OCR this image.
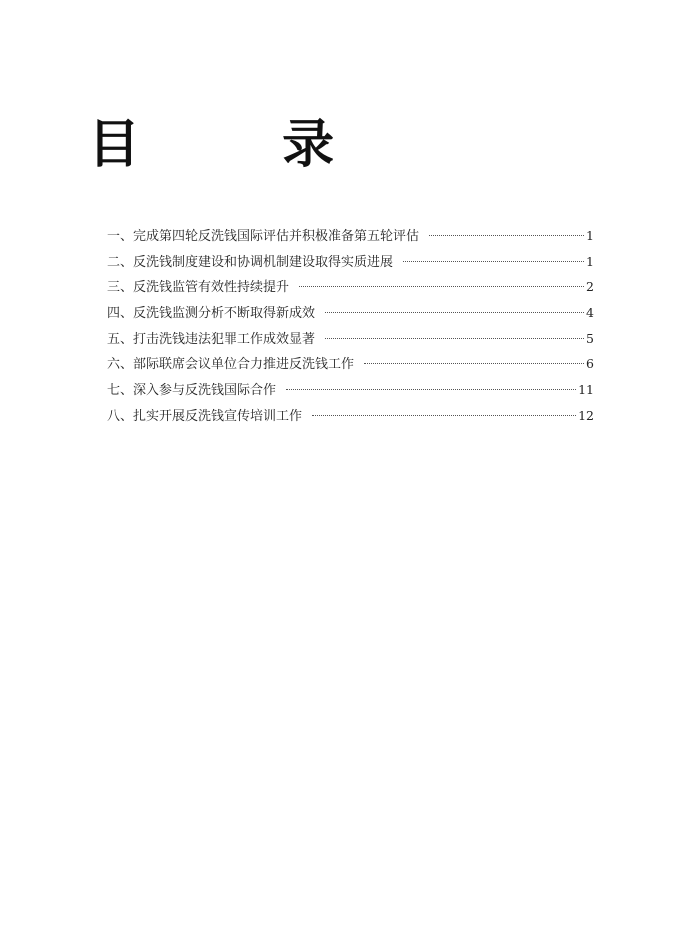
目 录
一、完成第四轮反洗钱国际评估并积极准备第五轮评估	1
二、反洗钱制度建设和协调机制建设取得实质进展	1
三、反洗钱监管有效性持续提升	2
四、反洗钱监测分析不断取得新成效	4
五、打击洗钱违法犯罪工作成效显著	5
六、部际联席会议单位合力推进反洗钱工作	6
七、深入参与反洗钱国际合作	11
八、扎实开展反洗钱宣传培训工作	12
